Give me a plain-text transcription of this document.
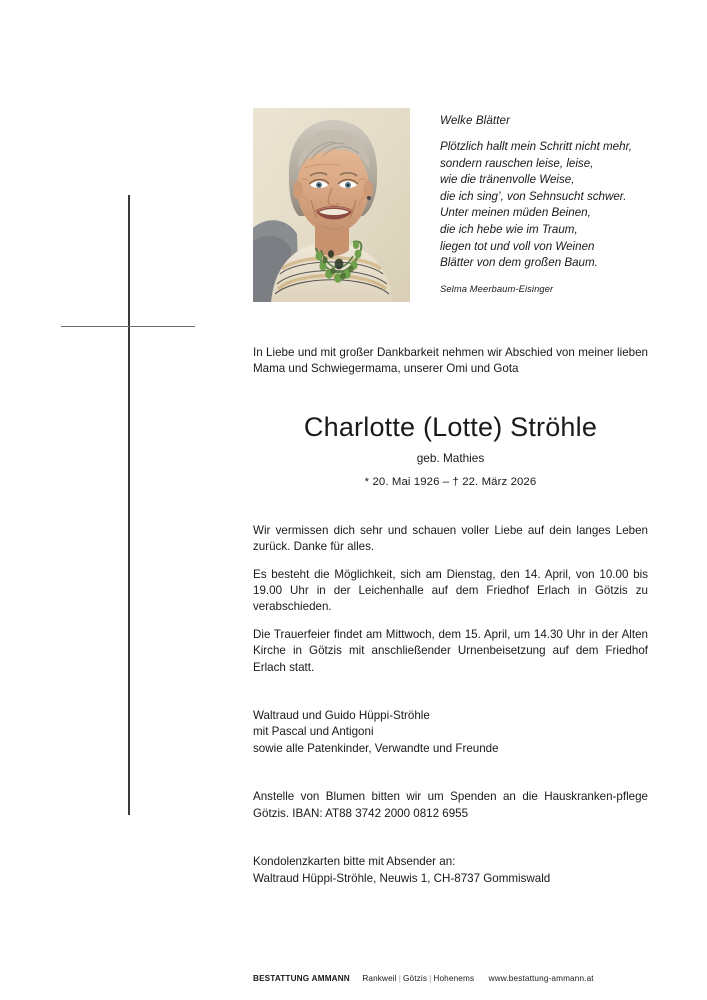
Welke Blätter
Plötzlich hallt mein Schritt nicht mehr,
sondern rauschen leise, leise,
wie die tränenvolle Weise,
die ich sing’, von Sehnsucht schwer.
Unter meinen müden Beinen,
die ich hebe wie im Traum,
liegen tot und voll von Weinen
Blätter von dem großen Baum.
Selma Meerbaum-Eisinger

In Liebe und mit großer Dankbarkeit nehmen wir Abschied von meiner lieben Mama und Schwiegermama, unserer Omi und Gota

Charlotte (Lotte) Ströhle

geb. Mathies

* 20. Mai 1926 – † 22. März 2026

Wir vermissen dich sehr und schauen voller Liebe auf dein langes Leben zurück. Danke für alles.

Es besteht die Möglichkeit, sich am Dienstag, den 14. April, von 10.00 bis 19.00 Uhr in der Leichenhalle auf dem Friedhof Erlach in Götzis zu verabschieden.

Die Trauerfeier findet am Mittwoch, dem 15. April, um 14.30 Uhr in der Alten Kirche in Götzis mit anschließender Urnenbeisetzung auf dem Friedhof Erlach statt.

Waltraud und Guido Hüppi-Ströhle

mit Pascal und Antigoni

sowie alle Patenkinder, Verwandte und Freunde

Anstelle von Blumen bitten wir um Spenden an die Hauskranken-pflege Götzis. IBAN: AT88 3742 2000 0812 6955

Kondolenzkarten bitte mit Absender an:

Waltraud Hüppi-Ströhle, Neuwis 1, CH-8737 Gommiswald

BESTATTUNG AMMANN Rankweil | Götzis | Hohenems www.bestattung-ammann.at
